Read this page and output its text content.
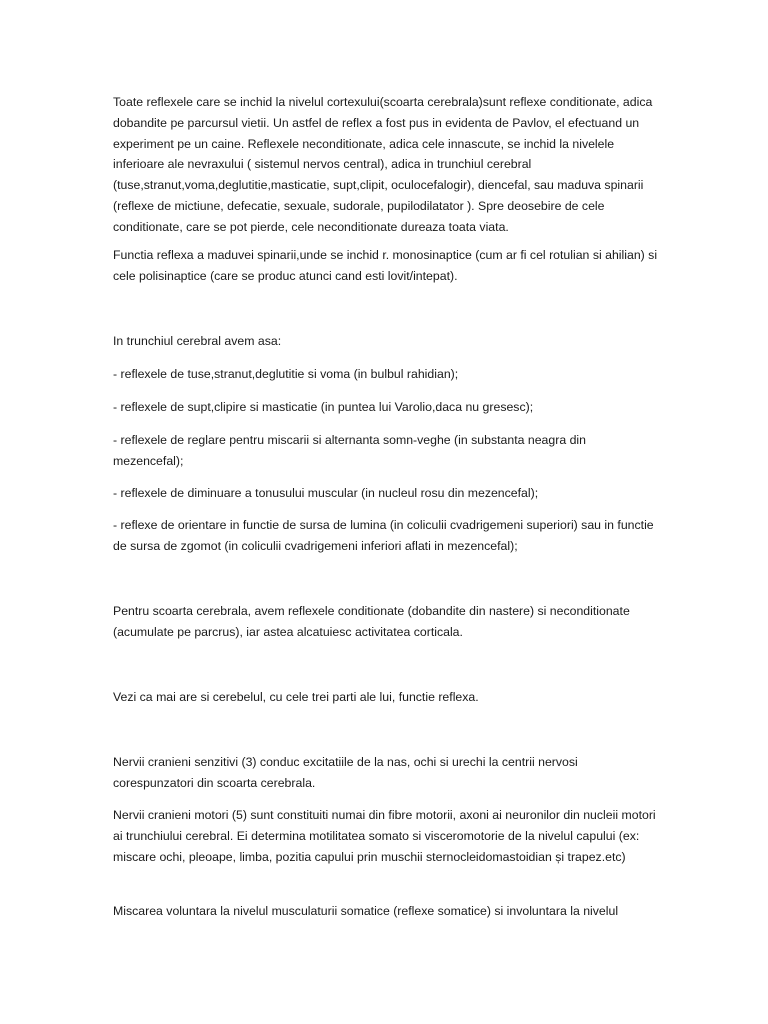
Toate reflexele care se inchid la nivelul cortexului(scoarta cerebrala)sunt reflexe conditionate, adica dobandite pe parcursul vietii. Un astfel de reflex a fost pus in evidenta de Pavlov, el efectuand un experiment pe un caine. Reflexele neconditionate, adica cele innascute, se inchid la nivelele inferioare ale nevraxului ( sistemul nervos central), adica in trunchiul cerebral (tuse,stranut,voma,deglutitie,masticatie, supt,clipit, oculocefalogir), diencefal, sau maduva spinarii (reflexe de mictiune, defecatie, sexuale, sudorale, pupilodilatator ). Spre deosebire de cele conditionate, care se pot pierde, cele neconditionate dureaza toata viata.

Functia reflexa a maduvei spinarii,unde se inchid r. monosinaptice (cum ar fi cel rotulian si ahilian) si cele polisinaptice (care se produc atunci cand esti lovit/intepat).

In trunchiul cerebral avem asa:

- reflexele de tuse,stranut,deglutitie si voma (in bulbul rahidian);

- reflexele de supt,clipire si masticatie (in puntea lui Varolio,daca nu gresesc);

- reflexele de reglare pentru miscarii si alternanta somn-veghe (in substanta neagra din mezencefal);

- reflexele de diminuare a tonusului muscular (in nucleul rosu din mezencefal);

- reflexe de orientare in functie de sursa de lumina (in coliculii cvadrigemeni superiori) sau in functie de sursa de zgomot (in coliculii cvadrigemeni inferiori aflati in mezencefal);

Pentru scoarta cerebrala, avem reflexele conditionate (dobandite din nastere) si neconditionate (acumulate pe parcrus), iar astea alcatuiesc activitatea corticala.

Vezi ca mai are si cerebelul, cu cele trei parti ale lui, functie reflexa.

Nervii cranieni senzitivi (3) conduc excitatiile de la nas, ochi si urechi la centrii nervosi corespunzatori din scoarta cerebrala.

Nervii cranieni motori (5) sunt constituiti numai din fibre motorii, axoni ai neuronilor din nucleii motori ai trunchiului cerebral. Ei determina motilitatea somato si visceromotorie de la nivelul capului (ex: miscare ochi, pleoape, limba, pozitia capului prin muschii sternocleidomastoidian și trapez.etc)

Miscarea voluntara la nivelul musculaturii somatice (reflexe somatice) si involuntara la nivelul
